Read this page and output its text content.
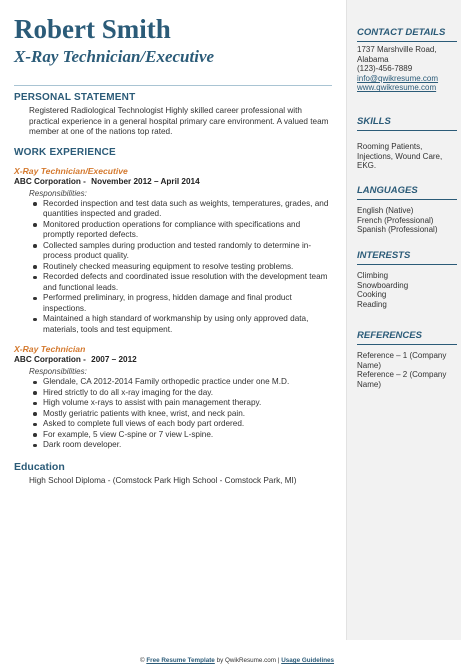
Robert Smith
X-Ray Technician/Executive
PERSONAL STATEMENT

Registered Radiological Technologist Highly skilled career professional with practical experience in a general hospital primary care environment. A valued team member at one of the nations top rated.

WORK EXPERIENCE
X-Ray Technician/Executive
ABC Corporation - November 2012 – April 2014
Responsibilities:
Recorded inspection and test data such as weights, temperatures, grades, and quantities inspected and graded.
Monitored production operations for compliance with specifications and promptly reported defects.
Collected samples during production and tested randomly to determine in-process product quality.
Routinely checked measuring equipment to resolve testing problems.
Recorded defects and coordinated issue resolution with the development team and functional leads.
Performed preliminary, in progress, hidden damage and final product inspections.
Maintained a high standard of workmanship by using only approved data, materials, tools and test equipment.
X-Ray Technician
ABC Corporation - 2007 – 2012
Responsibilities:
Glendale, CA 2012-2014 Family orthopedic practice under one M.D.
Hired strictly to do all x-ray imaging for the day.
High volume x-rays to assist with pain management therapy.
Mostly geriatric patients with knee, wrist, and neck pain.
Asked to complete full views of each body part ordered.
For example, 5 view C-spine or 7 view L-spine.
Dark room developer.
Education

High School Diploma - (Comstock Park High School - Comstock Park, MI)

CONTACT DETAILS

1737 Marshville Road,
Alabama
(123)-456-7889
info@qwikresume.com
www.qwikresume.com

SKILLS

Rooming Patients, Injections, Wound Care, EKG.

LANGUAGES

English (Native)
French (Professional)
Spanish (Professional)

INTERESTS

Climbing
Snowboarding
Cooking
Reading

REFERENCES

Reference – 1 (Company Name)
Reference – 2 (Company Name)

© Free Resume Template by QwikResume.com | Usage Guidelines
